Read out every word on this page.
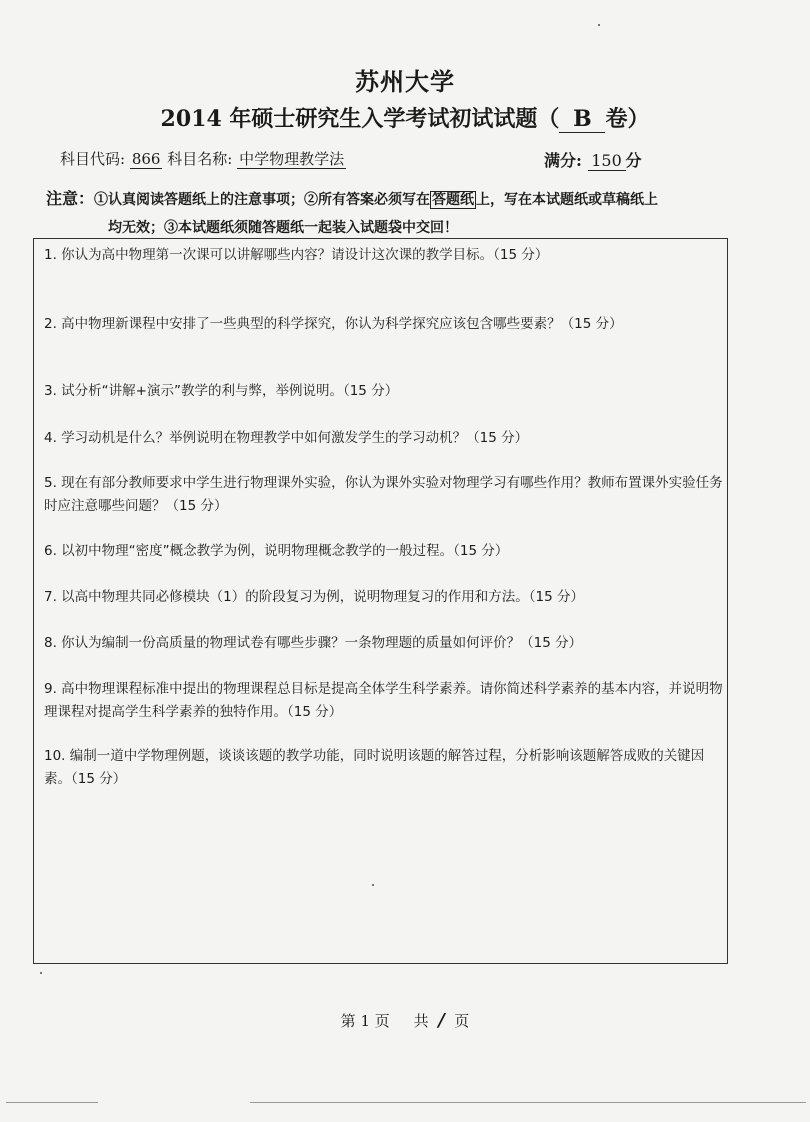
苏州大学
2014 年硕士研究生入学考试初试试题（ B 卷）
科目代码: 866 科目名称: 中学物理教学法	满分: 150 分
注意：①认真阅读答题纸上的注意事项；②所有答案必须写在 答题纸 上，写在本试题纸或草稿纸上
均无效；③本试题纸须随答题纸一起装入试题袋中交回！
1. 你认为高中物理第一次课可以讲解哪些内容？请设计这次课的教学目标。（15 分）
2. 高中物理新课程中安排了一些典型的科学探究，你认为科学探究应该包含哪些要素？（15 分）
3. 试分析“讲解+演示”教学的利与弊，举例说明。（15 分）
4. 学习动机是什么？举例说明在物理教学中如何激发学生的学习动机？（15 分）
5. 现在有部分教师要求中学生进行物理课外实验，你认为课外实验对物理学习有哪些作用？教师布置课外实验任务时应注意哪些问题？（15 分）
6. 以初中物理“密度”概念教学为例，说明物理概念教学的一般过程。（15 分）
7. 以高中物理共同必修模块（1）的阶段复习为例，说明物理复习的作用和方法。（15 分）
8. 你认为编制一份高质量的物理试卷有哪些步骤？一条物理题的质量如何评价？（15 分）
9. 高中物理课程标准中提出的物理课程总目标是提高全体学生科学素养。请你简述科学素养的基本内容，并说明物理课程对提高学生科学素养的独特作用。（15 分）
10. 编制一道中学物理例题，谈谈该题的教学功能，同时说明该题的解答过程，分析影响该题解答成败的关键因素。（15 分）
第 1 页 共 / 页
